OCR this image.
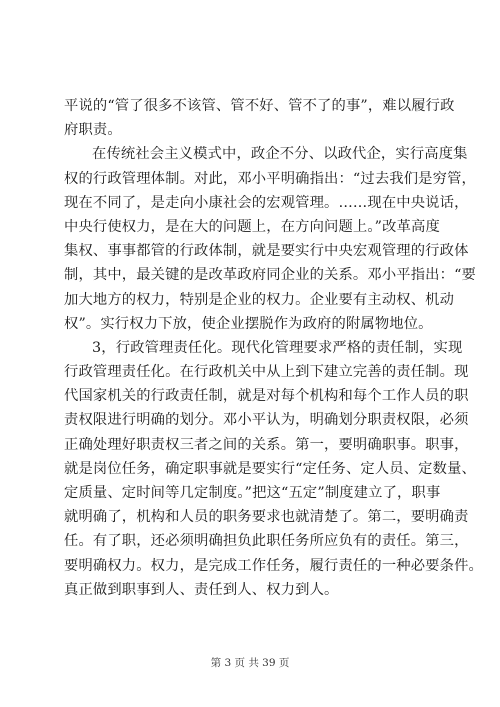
平说的“管了很多不该管、管不好、管不了的事”，难以履行政
府职责。
在传统社会主义模式中，政企不分、以政代企，实行高度集
权的行政管理体制。对此，邓小平明确指出：“过去我们是穷管，
现在不同了，是走向小康社会的宏观管理。……现在中央说话，
中央行使权力，是在大的问题上，在方向问题上。”改革高度
集权、事事都管的行政体制，就是要实行中央宏观管理的行政体
制，其中，最关键的是改革政府同企业的关系。邓小平指出：“要
加大地方的权力，特别是企业的权力。企业要有主动权、机动
权”。实行权力下放，使企业摆脱作为政府的附属物地位。
3，行政管理责任化。现代化管理要求严格的责任制，实现
行政管理责任化。在行政机关中从上到下建立完善的责任制。现
代国家机关的行政责任制，就是对每个机构和每个工作人员的职
责权限进行明确的划分。邓小平认为，明确划分职责权限，必须
正确处理好职责权三者之间的关系。第一，要明确职事。职事，
就是岗位任务，确定职事就是要实行“定任务、定人员、定数量、
定质量、定时间等几定制度。”把这“五定”制度建立了，职事
就明确了，机构和人员的职务要求也就清楚了。第二，要明确责
任。有了职，还必须明确担负此职任务所应负有的责任。第三，
要明确权力。权力，是完成工作任务，履行责任的一种必要条件。
真正做到职事到人、责任到人、权力到人。
第 3 页 共 39 页
